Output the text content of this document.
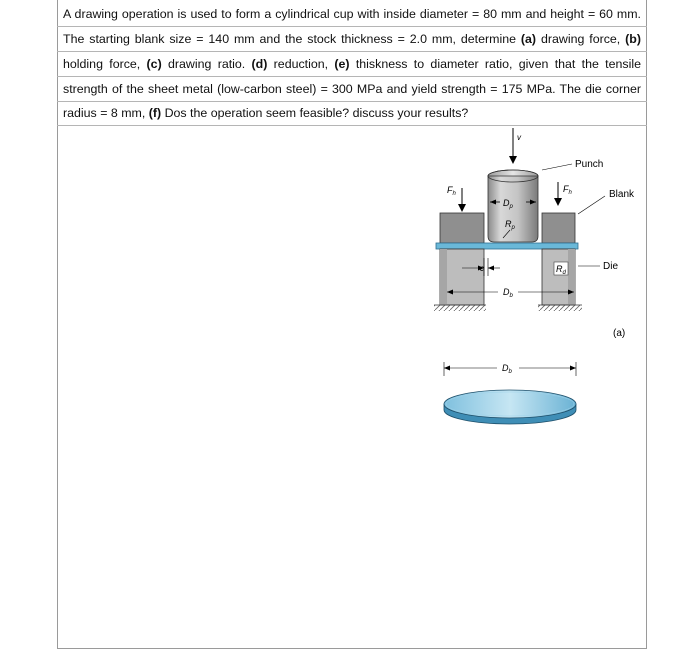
A drawing operation is used to form a cylindrical cup with inside diameter = 80 mm and height = 60 mm.
The starting blank size = 140 mm and the stock thickness = 2.0 mm, determine (a) drawing force, (b)
holding force, (c) drawing ratio. (d) reduction, (e) thiskness to diameter ratio, given that the tensile
strength of the sheet metal (low-carbon steel) = 300 MPa and yield strength = 175 MPa. The die corner
radius = 8 mm, (f) Dos the operation seem feasible? discuss your results?
v
$F_h$	$F_h$
$D_p$
$R_p$
c	$R_d$
$D_b$
Punch
Blank
Die
(a)
$D_b$
